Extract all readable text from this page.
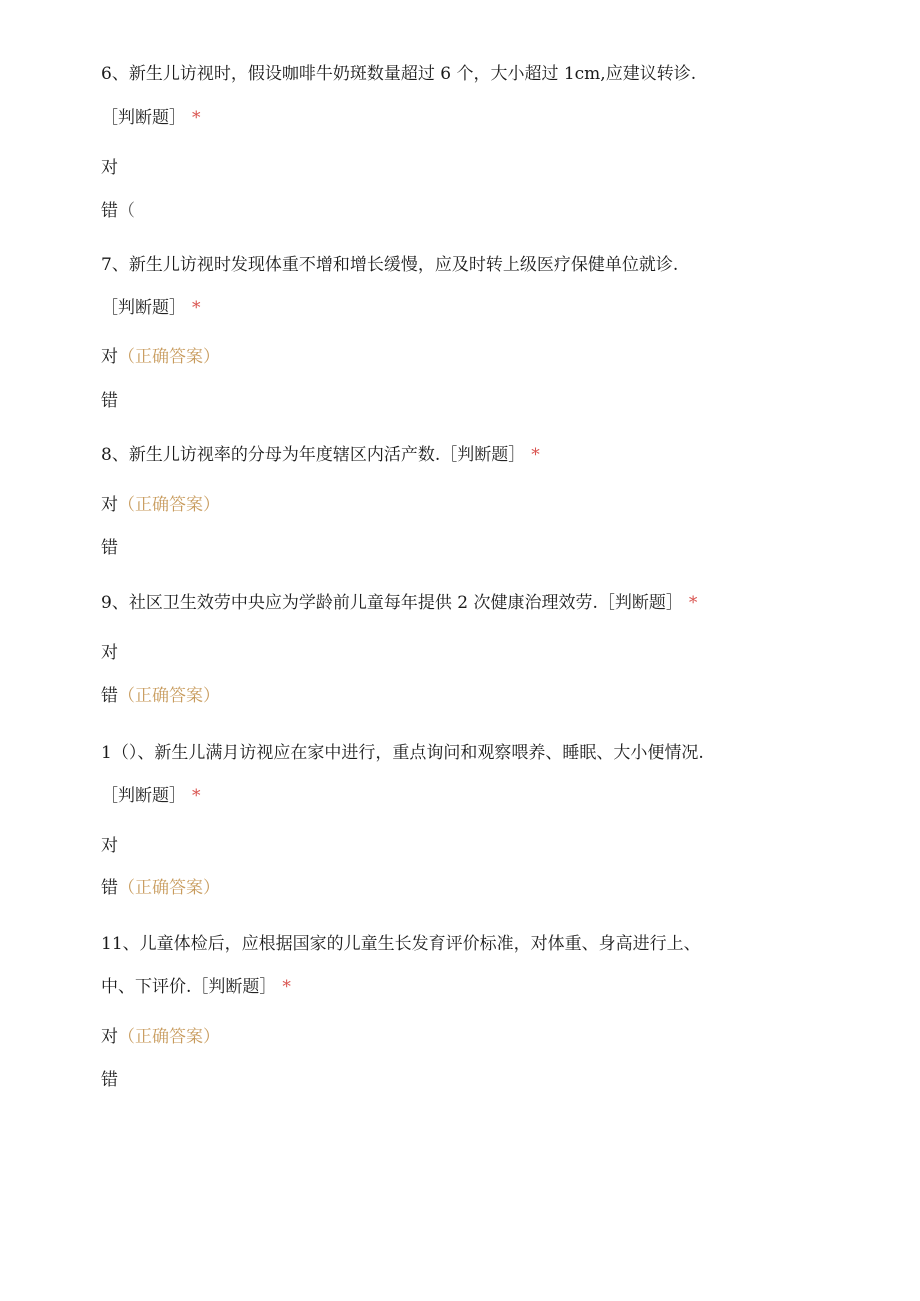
6、新生儿访视时，假设咖啡牛奶斑数量超过 6 个，大小超过 1cm,应建议转诊.
［判断题］ *
对
错（
7、新生儿访视时发现体重不增和增长缓慢，应及时转上级医疗保健单位就诊.
［判断题］ *
对（正确答案）
错
8、新生儿访视率的分母为年度辖区内活产数.［判断题］ *
对（正确答案）
错
9、社区卫生效劳中央应为学龄前儿童每年提供 2 次健康治理效劳.［判断题］ *
对
错（正确答案）
1（）、新生儿满月访视应在家中进行，重点询问和观察喂养、睡眠、大小便情况.
［判断题］ *
对
错（正确答案）
11、儿童体检后，应根据国家的儿童生长发育评价标准，对体重、身高进行上、
中、下评价.［判断题］ *
对（正确答案）
错
